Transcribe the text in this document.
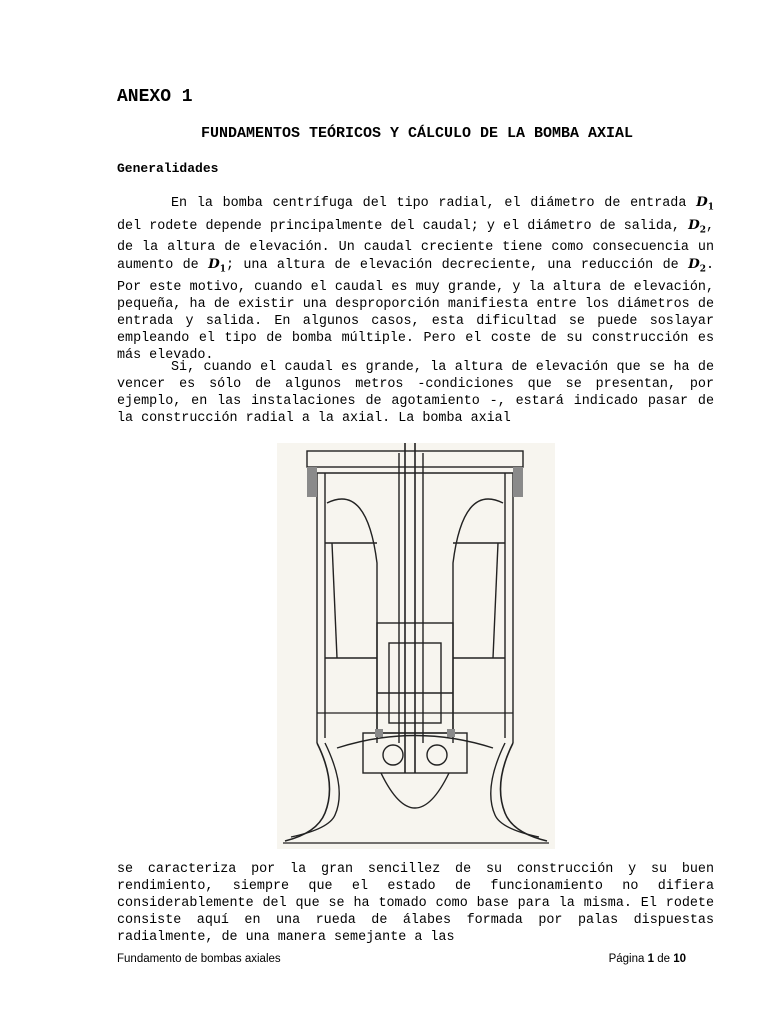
ANEXO 1
FUNDAMENTOS TEÓRICOS Y CÁLCULO DE LA BOMBA AXIAL
Generalidades

En la bomba centrífuga del tipo radial, el diámetro de entrada $D_1$ del rodete depende principalmente del caudal; y el diámetro de salida, $D_2$, de la altura de elevación. Un caudal creciente tiene como consecuencia un aumento de $D_1$; una altura de elevación decreciente, una reducción de $D_2$. Por este motivo, cuando el caudal es muy grande, y la altura de elevación, pequeña, ha de existir una desproporción manifiesta entre los diámetros de entrada y salida. En algunos casos, esta dificultad se puede soslayar empleando el tipo de bomba múltiple. Pero el coste de su construcción es más elevado.

Si, cuando el caudal es grande, la altura de elevación que se ha de vencer es sólo de algunos metros -condiciones que se presentan, por ejemplo, en las instalaciones de agotamiento -, estará indicado pasar de la construcción radial a la axial. La bomba axial

se caracteriza por la gran sencillez de su construcción y su buen rendimiento, siempre que el estado de funcionamiento no difiera considerablemente del que se ha tomado como base para la misma. El rodete consiste aquí en una rueda de álabes formada por palas dispuestas radialmente, de una manera semejante a las

Fundamento de bombas axiales	Página 1 de 10
